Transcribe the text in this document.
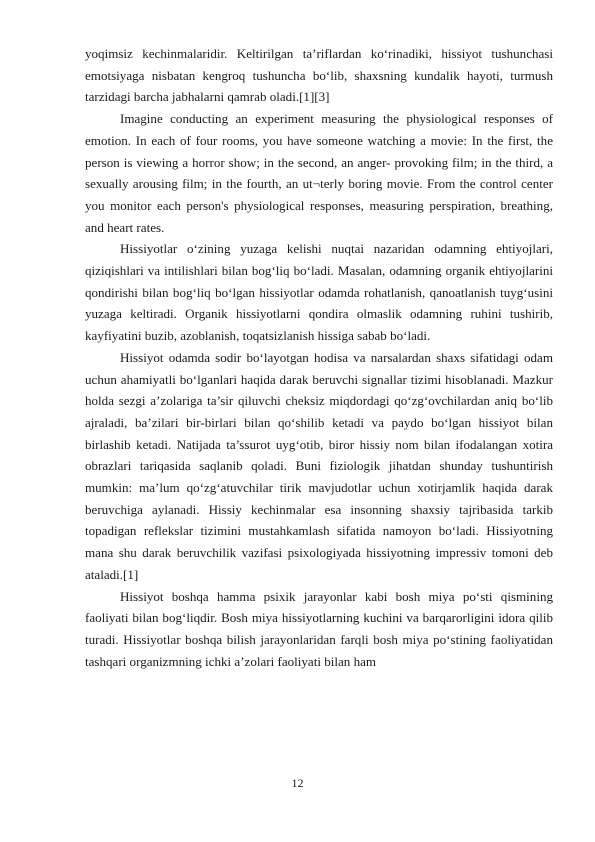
yoqimsiz kechinmalaridir. Keltirilgan ta’riflardan ko‘rinadiki, hissiyot tushunchasi emotsiyaga nisbatan kengroq tushuncha bo‘lib, shaxsning kundalik hayoti, turmush tarzidagi barcha jabhalarni qamrab oladi.[1][3]

Imagine conducting an experiment measuring the physiological responses of emotion. In each of four rooms, you have someone watching a movie: In the first, the person is viewing a horror show; in the second, an anger- provoking film; in the third, a sexually arousing film; in the fourth, an ut¬terly boring movie. From the control center you monitor each person's physiological responses, measuring perspiration, breathing, and heart rates.

Hissiyotlar o‘zining yuzaga kelishi nuqtai nazaridan odamning ehtiyojlari, qiziqishlari va intilishlari bilan bog‘liq bo‘ladi. Masalan, odamning organik ehtiyojlarini qondirishi bilan bog‘liq bo‘lgan hissiyotlar odamda rohatlanish, qanoatlanish tuyg‘usini yuzaga keltiradi. Organik hissiyotlarni qondira olmaslik odamning ruhini tushirib, kayfiyatini buzib, azoblanish, toqatsizlanish hissiga sabab bo‘ladi.

Hissiyot odamda sodir bo‘layotgan hodisa va narsalardan shaxs sifatidagi odam uchun ahamiyatli bo‘lganlari haqida darak beruvchi signallar tizimi hisoblanadi. Mazkur holda sezgi a’zolariga ta’sir qiluvchi cheksiz miqdordagi qo‘zg‘ovchilardan aniq bo‘lib ajraladi, ba’zilari bir-birlari bilan qo‘shilib ketadi va paydo bo‘lgan hissiyot bilan birlashib ketadi. Natijada ta’ssurot uyg‘otib, biror hissiy nom bilan ifodalangan xotira obrazlari tariqasida saqlanib qoladi. Buni fiziologik jihatdan shunday tushuntirish mumkin: ma’lum qo‘zg‘atuvchilar tirik mavjudotlar uchun xotirjamlik haqida darak beruvchiga aylanadi. Hissiy kechinmalar esa insonning shaxsiy tajribasida tarkib topadigan reflekslar tizimini mustahkamlash sifatida namoyon bo‘ladi. Hissiyotning mana shu darak beruvchilik vazifasi psixologiyada hissiyotning impressiv tomoni deb ataladi.[1]

Hissiyot boshqa hamma psixik jarayonlar kabi bosh miya po‘sti qismining faoliyati bilan bog‘liqdir. Bosh miya hissiyotlarning kuchini va barqarorligini idora qilib turadi. Hissiyotlar boshqa bilish jarayonlaridan farqli bosh miya po‘stining faoliyatidan tashqari organizmning ichki a’zolari faoliyati bilan ham

12
